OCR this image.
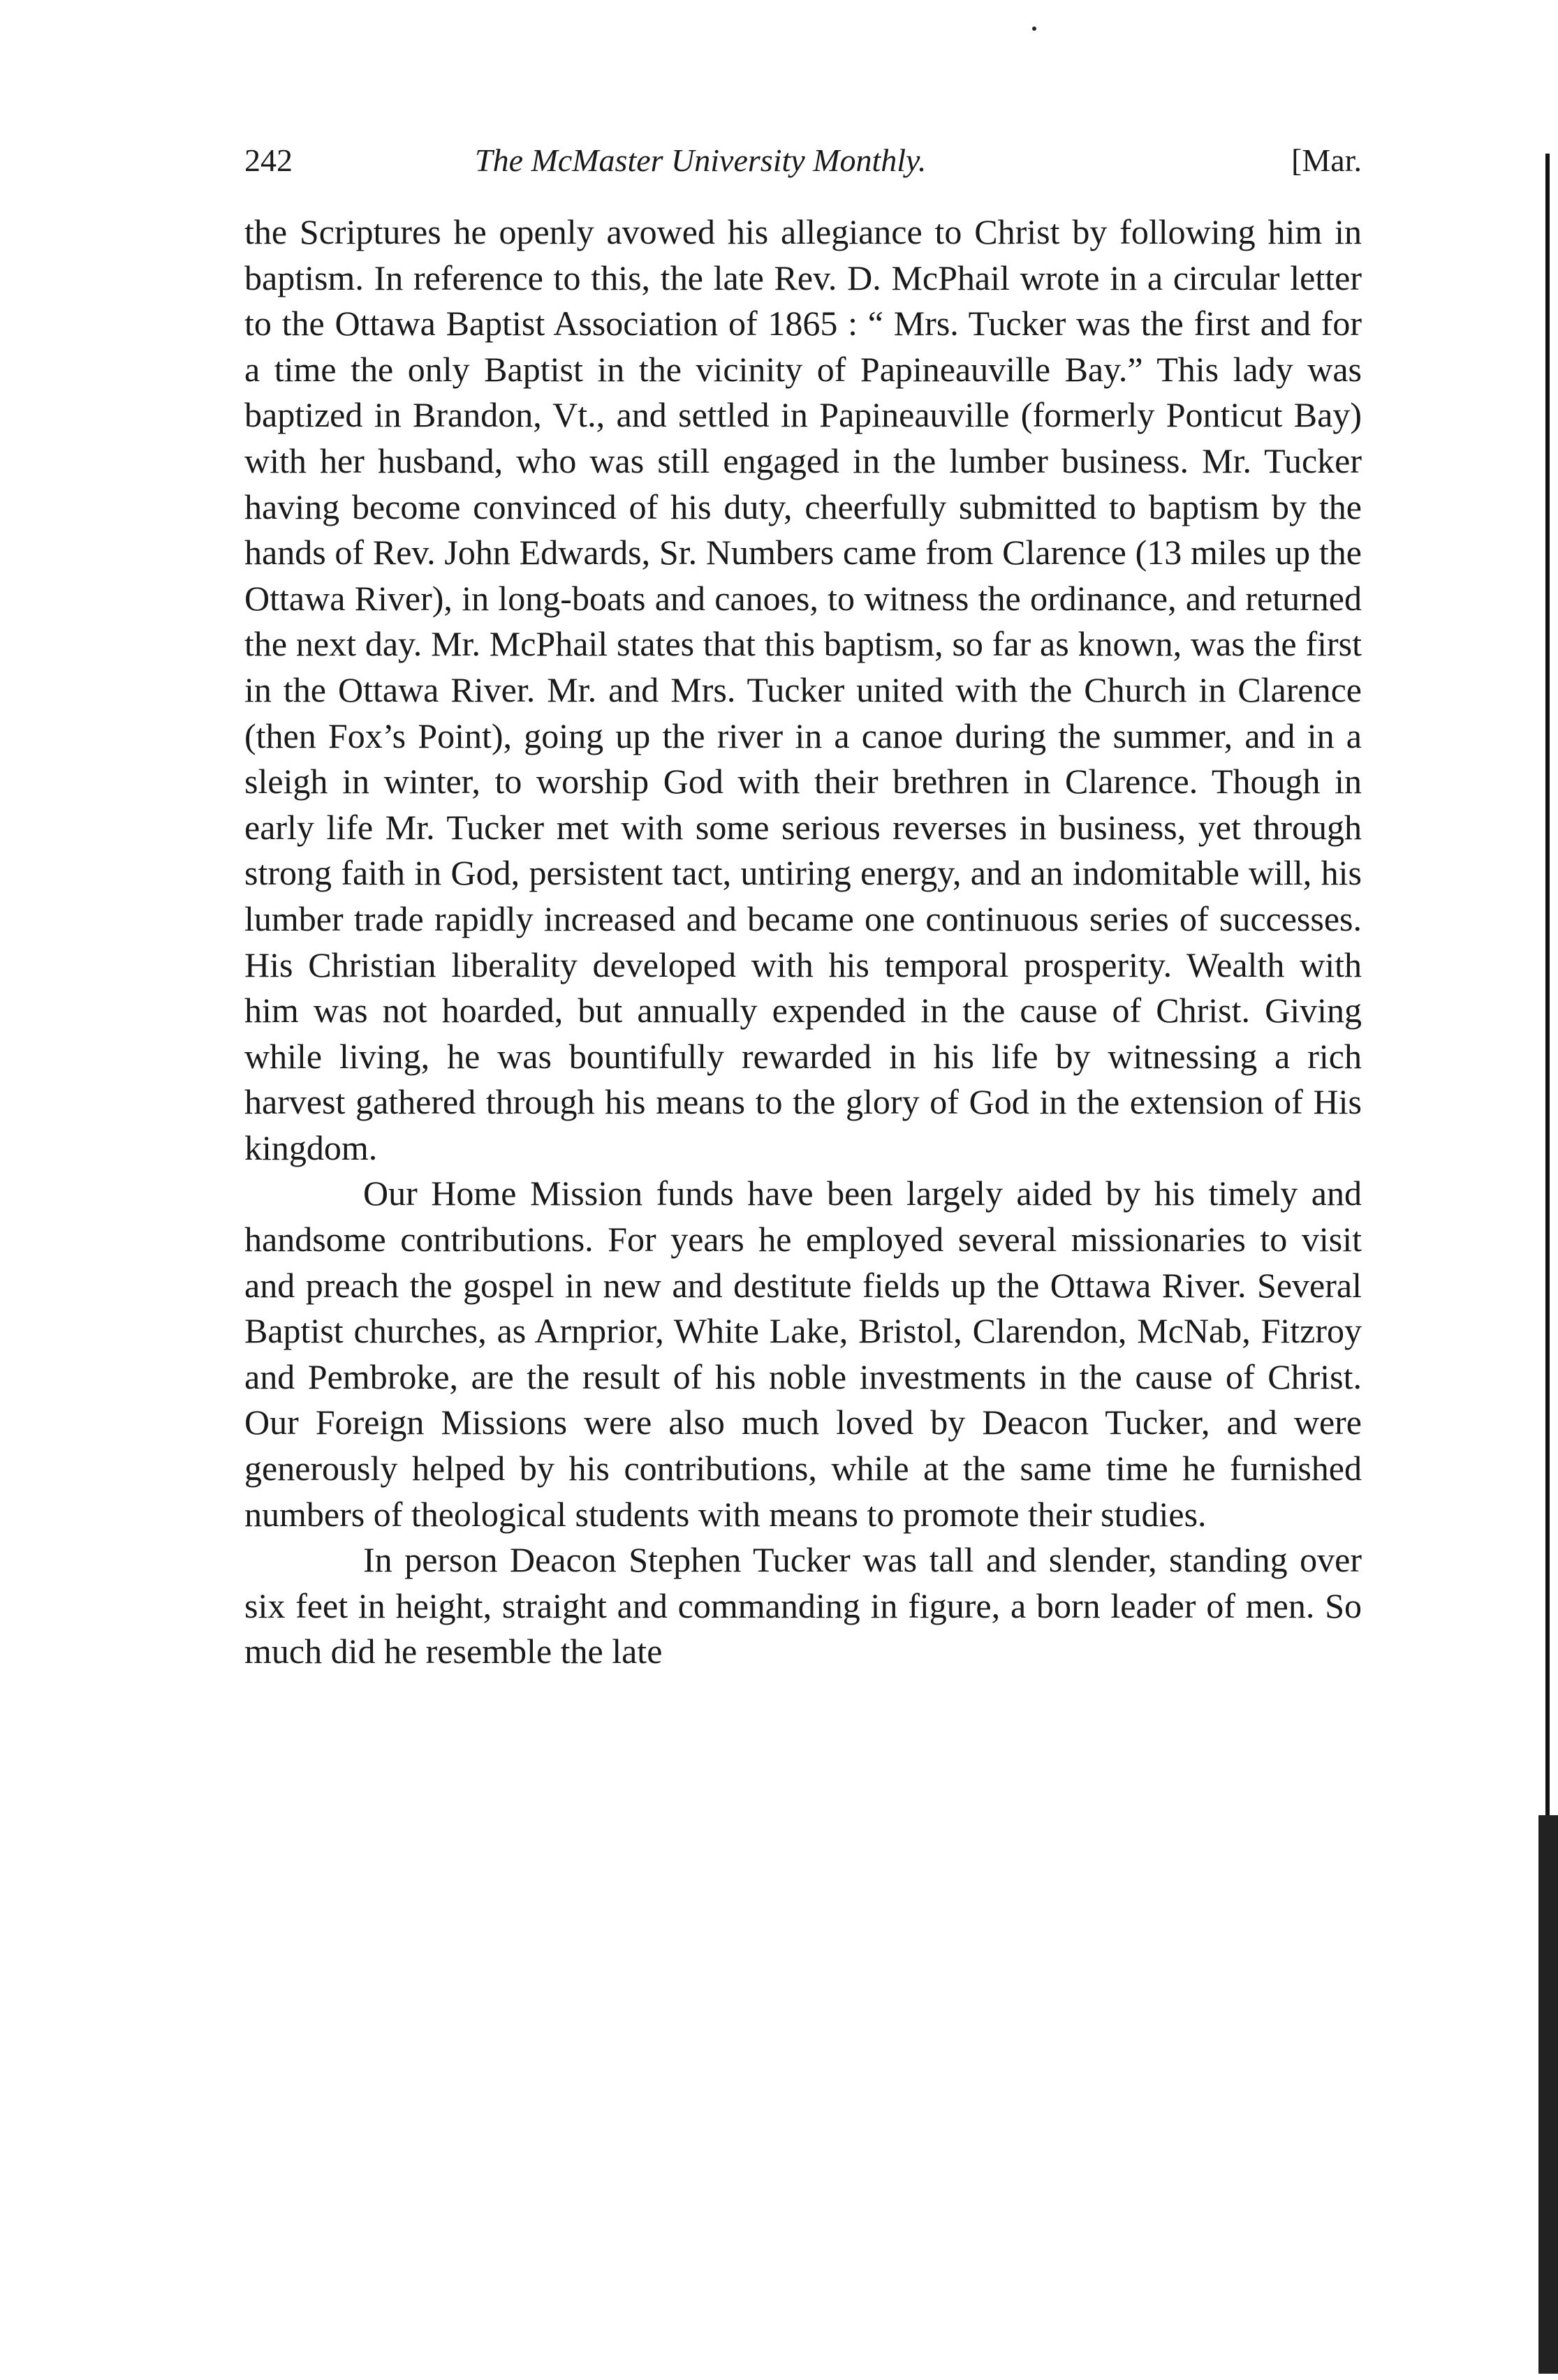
242	The McMaster University Monthly.	[Mar.

the Scriptures he openly avowed his allegiance to Christ by following him in baptism. In reference to this, the late Rev. D. McPhail wrote in a circular letter to the Ottawa Baptist Association of 1865 : “ Mrs. Tucker was the first and for a time the only Baptist in the vicinity of Papineauville Bay.” This lady was baptized in Brandon, Vt., and settled in Papineauville (formerly Ponticut Bay) with her husband, who was still engaged in the lumber business. Mr. Tucker having become convinced of his duty, cheerfully submitted to baptism by the hands of Rev. John Edwards, Sr. Numbers came from Clarence (13 miles up the Ottawa River), in long-boats and canoes, to witness the ordinance, and returned the next day. Mr. McPhail states that this baptism, so far as known, was the first in the Ottawa River. Mr. and Mrs. Tucker united with the Church in Clarence (then Fox’s Point), going up the river in a canoe during the summer, and in a sleigh in winter, to worship God with their brethren in Clarence. Though in early life Mr. Tucker met with some serious reverses in business, yet through strong faith in God, persistent tact, untiring energy, and an indomitable will, his lumber trade rapidly increased and became one continuous series of successes. His Christian liberality developed with his temporal prosperity. Wealth with him was not hoarded, but annually expended in the cause of Christ. Giving while living, he was bountifully rewarded in his life by witnessing a rich harvest gathered through his means to the glory of God in the extension of His kingdom.

Our Home Mission funds have been largely aided by his timely and handsome contributions. For years he employed several missionaries to visit and preach the gospel in new and destitute fields up the Ottawa River. Several Baptist churches, as Arnprior, White Lake, Bristol, Clarendon, McNab, Fitzroy and Pembroke, are the result of his noble investments in the cause of Christ. Our Foreign Missions were also much loved by Deacon Tucker, and were generously helped by his contributions, while at the same time he furnished numbers of theological students with means to promote their studies.

In person Deacon Stephen Tucker was tall and slender, standing over six feet in height, straight and commanding in figure, a born leader of men. So much did he resemble the late
